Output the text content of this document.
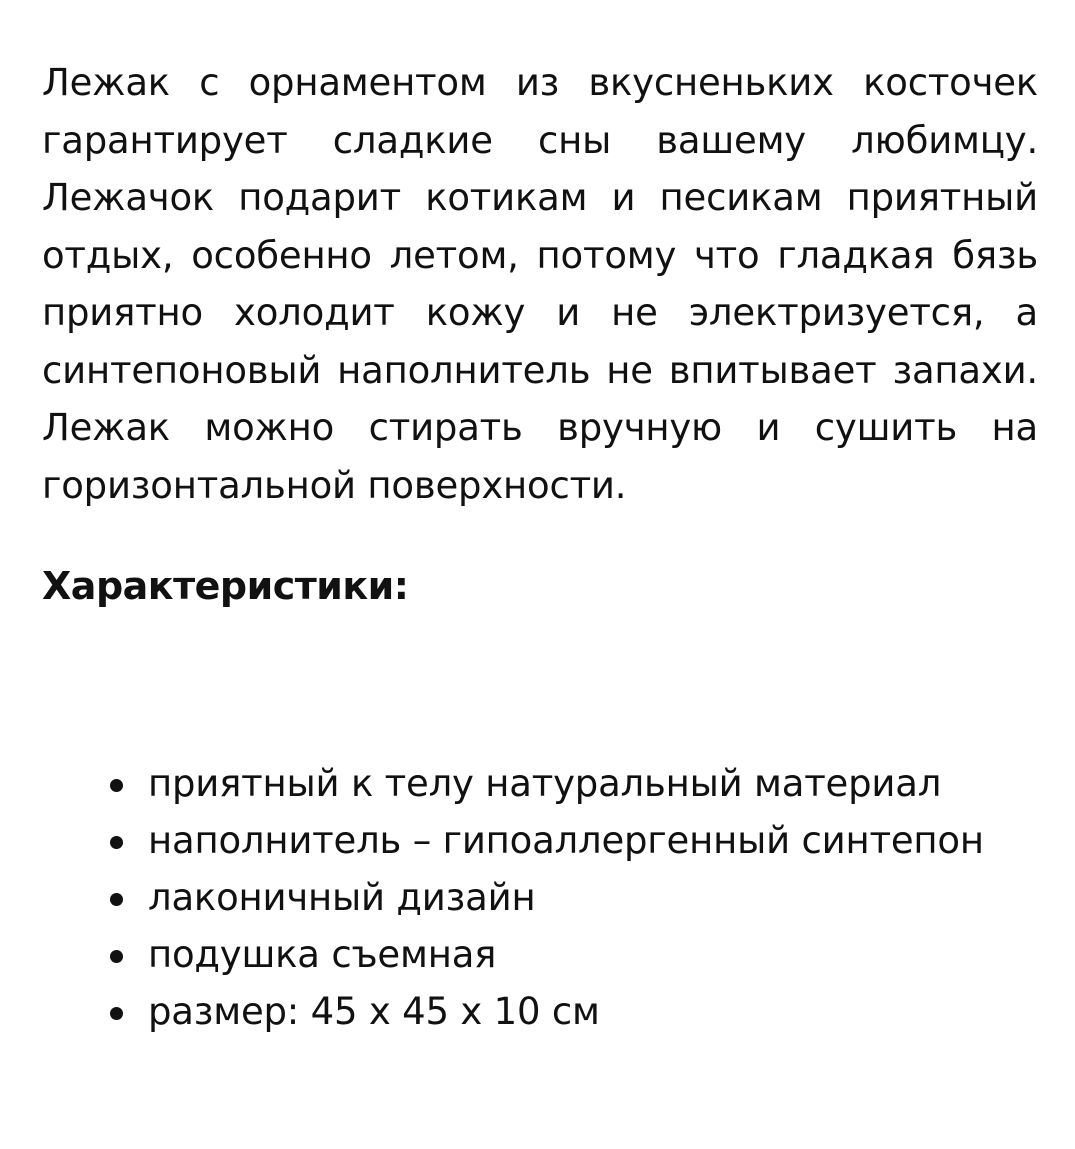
Лежак с орнаментом из вкусненьких косточек гарантирует сладкие сны вашему любимцу. Лежачок подарит котикам и песикам приятный отдых, особенно летом, потому что гладкая бязь приятно холодит кожу и не электризуется, а синтепоновый наполнитель не впитывает запахи. Лежак можно стирать вручную и сушить на горизонтальной поверхности.

Характеристики:
приятный к телу натуральный материал
наполнитель – гипоаллергенный синтепон
лаконичный дизайн
подушка съемная
размер: 45 х 45 х 10 см
